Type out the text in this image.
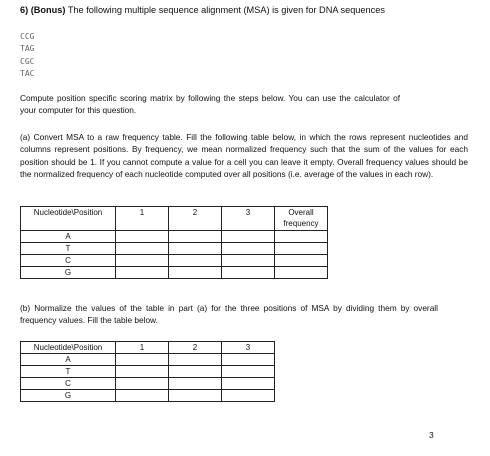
6) (Bonus) The following multiple sequence alignment (MSA) is given for DNA sequences
CCG
TAG
CGC
TAC
Compute position specific scoring matrix by following the steps below. You can use the calculator of your computer for this question.
(a) Convert MSA to a raw frequency table. Fill the following table below, in which the rows represent nucleotides and columns represent positions. By frequency, we mean normalized frequency such that the sum of the values for each position should be 1. If you cannot compute a value for a cell you can leave it empty. Overall frequency values should be the normalized frequency of each nucleotide computed over all positions (i.e. average of the values in each row).
Nucleotide\Position	1	2	3	Overall frequency
A				
T				
C				
G				
(b) Normalize the values of the table in part (a) for the three positions of MSA by dividing them by overall frequency values. Fill the table below.
Nucleotide\Position	1	2	3
A			
T			
C			
G			
3
